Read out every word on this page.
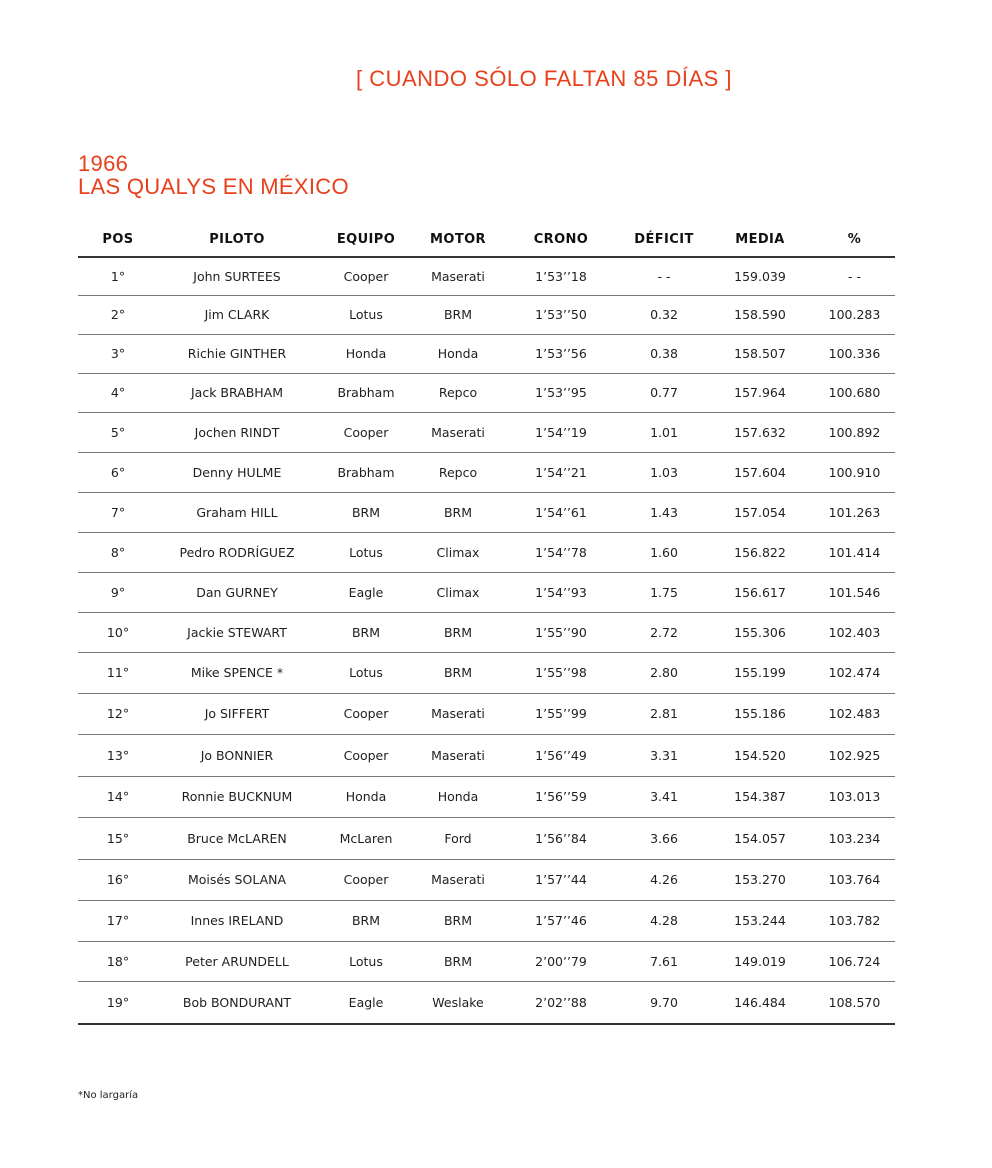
[ CUANDO SÓLO FALTAN 85 DÍAS ]
1966
LAS QUALYS EN MÉXICO
POS	PILOTO	EQUIPO	MOTOR	CRONO	DÉFICIT	MEDIA	%
1°	John SURTEES	Cooper	Maserati	1’53’’18	- -	159.039	- -
2°	Jim CLARK	Lotus	BRM	1’53’’50	0.32	158.590	100.283
3°	Richie GINTHER	Honda	Honda	1’53’’56	0.38	158.507	100.336
4°	Jack BRABHAM	Brabham	Repco	1’53’’95	0.77	157.964	100.680
5°	Jochen RINDT	Cooper	Maserati	1’54’’19	1.01	157.632	100.892
6°	Denny HULME	Brabham	Repco	1’54’’21	1.03	157.604	100.910
7°	Graham HILL	BRM	BRM	1’54’’61	1.43	157.054	101.263
8°	Pedro RODRÍGUEZ	Lotus	Climax	1’54’’78	1.60	156.822	101.414
9°	Dan GURNEY	Eagle	Climax	1’54’’93	1.75	156.617	101.546
10°	Jackie STEWART	BRM	BRM	1’55’’90	2.72	155.306	102.403
11°	Mike SPENCE *	Lotus	BRM	1’55’’98	2.80	155.199	102.474
12°	Jo SIFFERT	Cooper	Maserati	1’55’’99	2.81	155.186	102.483
13°	Jo BONNIER	Cooper	Maserati	1’56’’49	3.31	154.520	102.925
14°	Ronnie BUCKNUM	Honda	Honda	1’56’’59	3.41	154.387	103.013
15°	Bruce McLAREN	McLaren	Ford	1’56’’84	3.66	154.057	103.234
16°	Moisés SOLANA	Cooper	Maserati	1’57’’44	4.26	153.270	103.764
17°	Innes IRELAND	BRM	BRM	1’57’’46	4.28	153.244	103.782
18°	Peter ARUNDELL	Lotus	BRM	2’00’’79	7.61	149.019	106.724
19°	Bob BONDURANT	Eagle	Weslake	2’02’’88	9.70	146.484	108.570
*No largaría
